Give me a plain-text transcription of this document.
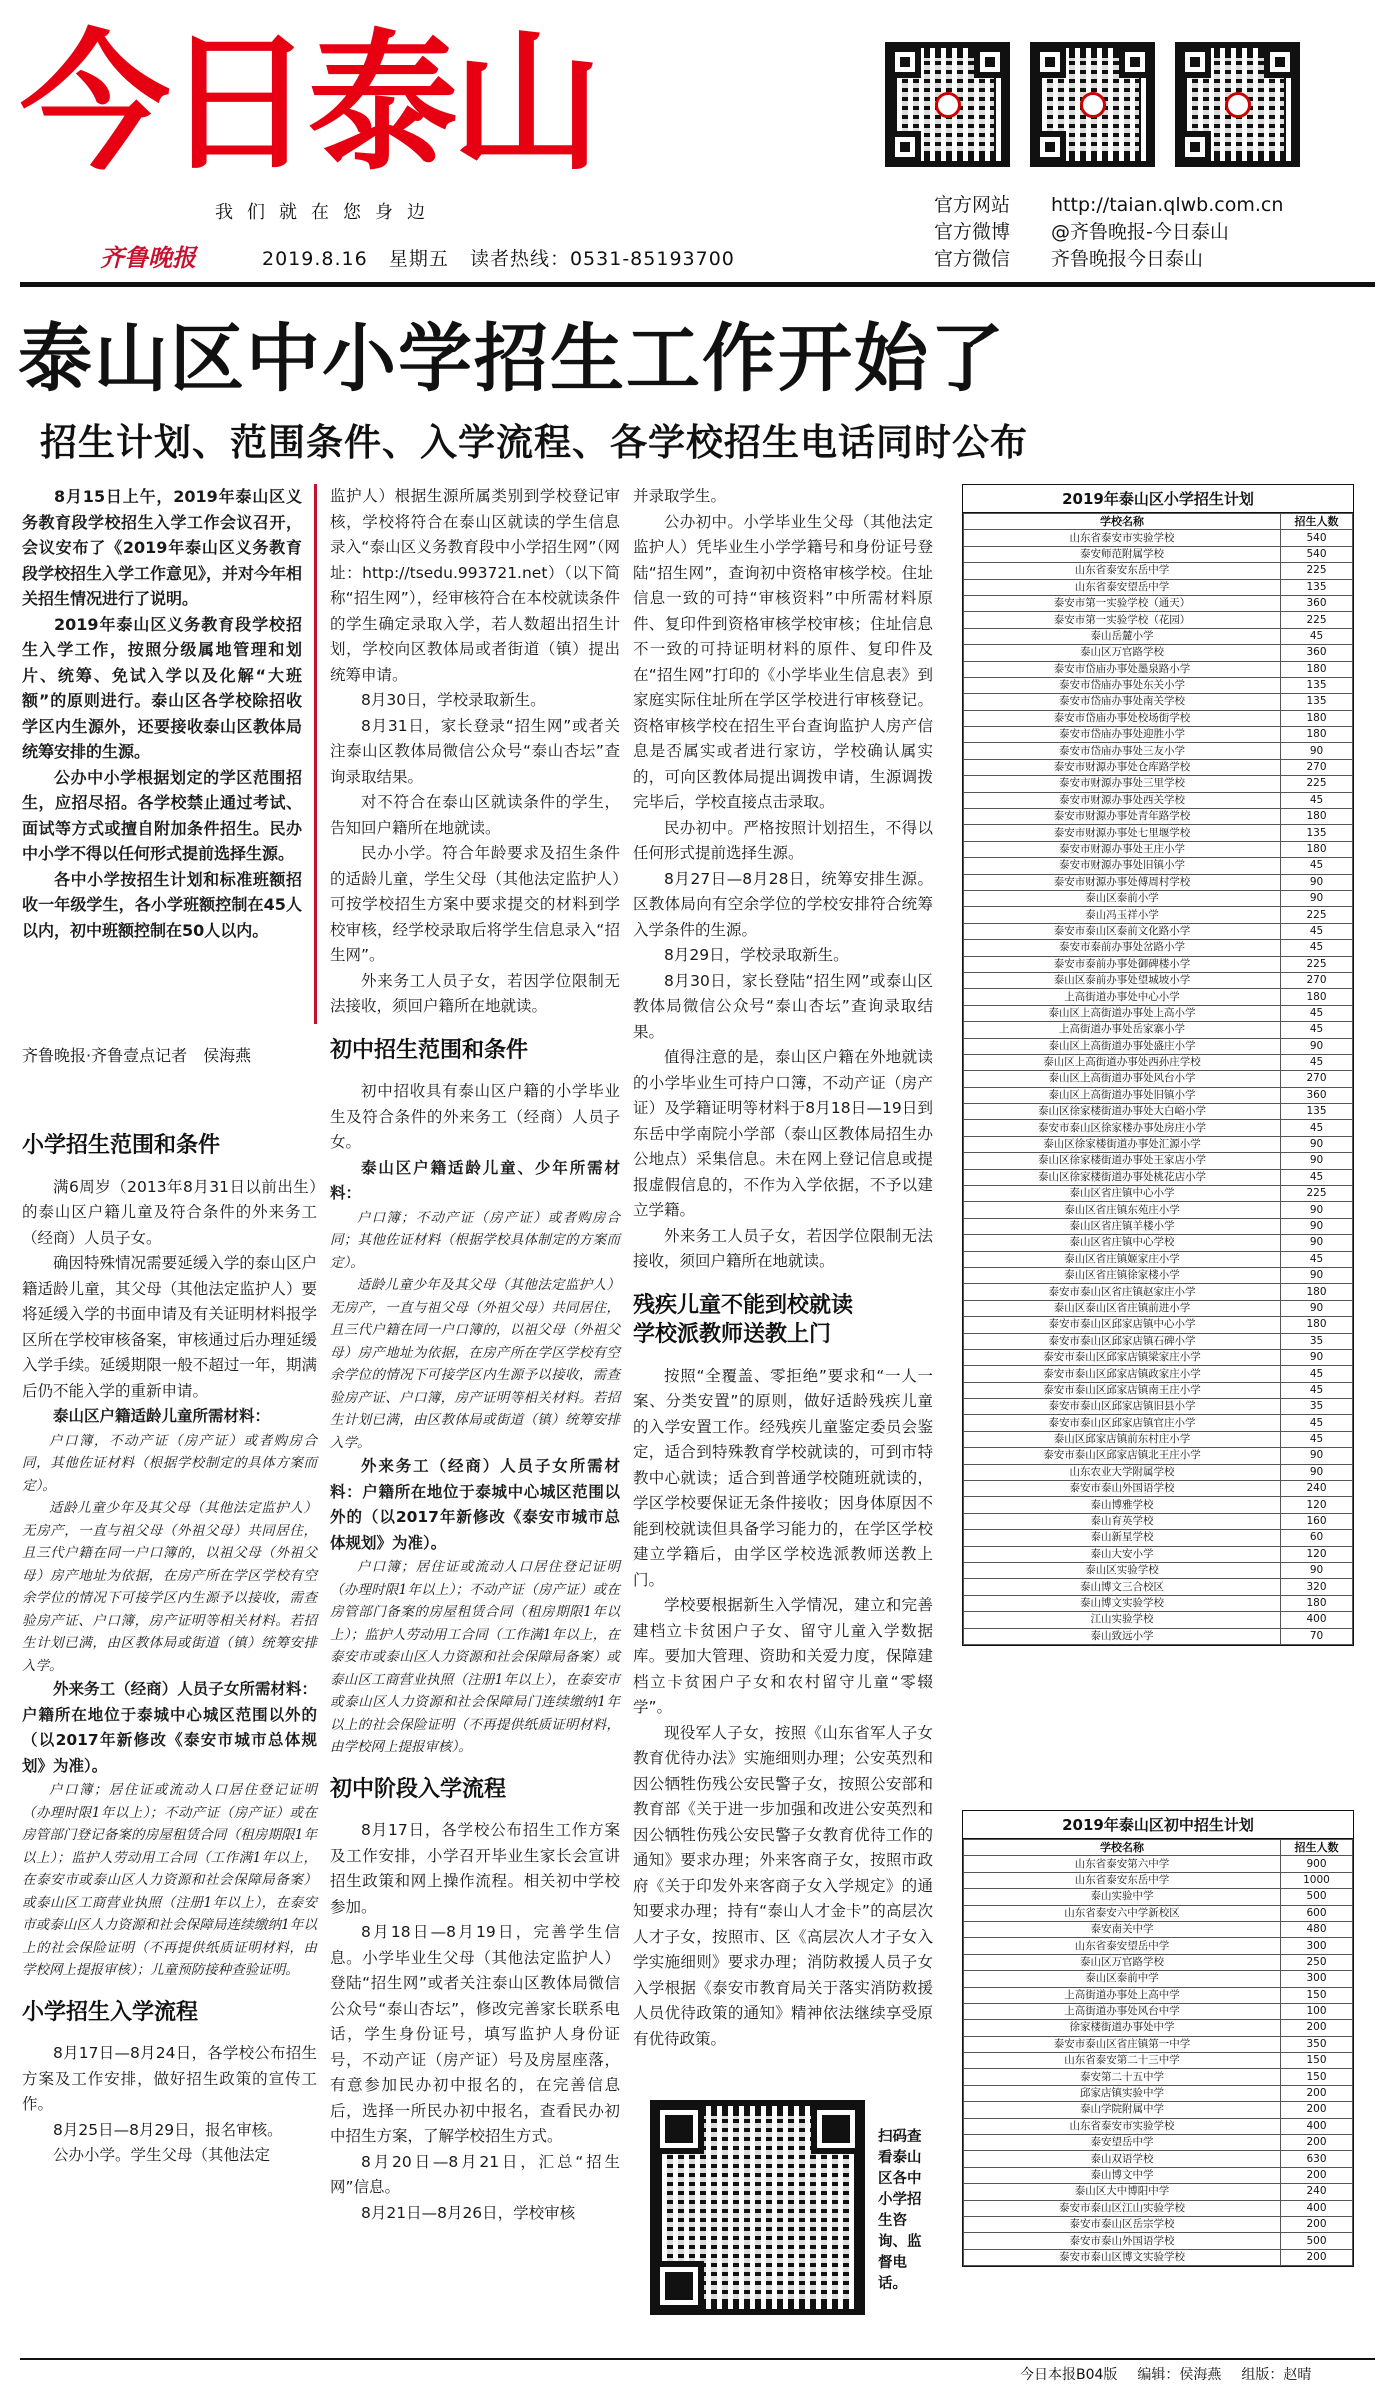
今日泰山
我们就在您身边
齐鲁晚报	2019.8.16 星期五 读者热线：0531-85193700
官方网站	http://taian.qlwb.com.cn
官方微博	@齐鲁晚报-今日泰山
官方微信	齐鲁晚报今日泰山
泰山区中小学招生工作开始了
招生计划、范围条件、入学流程、各学校招生电话同时公布

8月15日上午，2019年泰山区义务教育段学校招生入学工作会议召开，会议安布了《2019年泰山区义务教育段学校招生入学工作意见》，并对今年相关招生情况进行了说明。

2019年泰山区义务教育段学校招生入学工作，按照分级属地管理和划片、统筹、免试入学以及化解“大班额”的原则进行。泰山区各学校除招收学区内生源外，还要接收泰山区教体局统筹安排的生源。

公办中小学根据划定的学区范围招生，应招尽招。各学校禁止通过考试、面试等方式或擅自附加条件招生。民办中小学不得以任何形式提前选择生源。

各中小学按招生计划和标准班额招收一年级学生，各小学班额控制在45人以内，初中班额控制在50人以内。

齐鲁晚报·齐鲁壹点记者　侯海燕
小学招生范围和条件

满6周岁（2013年8月31日以前出生）的泰山区户籍儿童及符合条件的外来务工（经商）人员子女。

确因特殊情况需要延缓入学的泰山区户籍适龄儿童，其父母（其他法定监护人）要将延缓入学的书面申请及有关证明材料报学区所在学校审核备案，审核通过后办理延缓入学手续。延缓期限一般不超过一年，期满后仍不能入学的重新申请。

泰山区户籍适龄儿童所需材料：

户口簿，不动产证（房产证）或者购房合同，其他佐证材料（根据学校制定的具体方案而定）。

适龄儿童少年及其父母（其他法定监护人）无房产，一直与祖父母（外祖父母）共同居住，且三代户籍在同一户口簿的，以祖父母（外祖父母）房产地址为依据，在房产所在学区学校有空余学位的情况下可接学区内生源予以接收，需查验房产证、户口簿，房产证明等相关材料。若招生计划已满，由区教体局或街道（镇）统筹安排入学。

外来务工（经商）人员子女所需材料：户籍所在地位于泰城中心城区范围以外的（以2017年新修改《泰安市城市总体规划》为准）。

户口簿；居住证或流动人口居住登记证明（办理时限1年以上）；不动产证（房产证）或在房管部门登记备案的房屋租赁合同（租房期限1年以上）；监护人劳动用工合同（工作满1年以上，在泰安市或泰山区人力资源和社会保障局备案）或泰山区工商营业执照（注册1年以上），在泰安市或泰山区人力资源和社会保障局连续缴纳1年以上的社会保险证明（不再提供纸质证明材料，由学校网上提报审核）；儿童预防接种查验证明。

小学招生入学流程

8月17日—8月24日，各学校公布招生方案及工作安排，做好招生政策的宣传工作。

8月25日—8月29日，报名审核。

公办小学。学生父母（其他法定

监护人）根据生源所属类别到学校登记审核，学校将符合在泰山区就读的学生信息录入“泰山区义务教育段中小学招生网”（网址：http://tsedu.993721.net）（以下简称“招生网”），经审核符合在本校就读条件的学生确定录取入学，若人数超出招生计划，学校向区教体局或者街道（镇）提出统筹申请。

8月30日，学校录取新生。

8月31日，家长登录“招生网”或者关注泰山区教体局微信公众号“泰山杏坛”查询录取结果。

对不符合在泰山区就读条件的学生，告知回户籍所在地就读。

民办小学。符合年龄要求及招生条件的适龄儿童，学生父母（其他法定监护人）可按学校招生方案中要求提交的材料到学校审核，经学校录取后将学生信息录入“招生网”。

外来务工人员子女，若因学位限制无法接收，须回户籍所在地就读。

初中招生范围和条件

初中招收具有泰山区户籍的小学毕业生及符合条件的外来务工（经商）人员子女。

泰山区户籍适龄儿童、少年所需材料：

户口簿；不动产证（房产证）或者购房合同；其他佐证材料（根据学校具体制定的方案而定）。

适龄儿童少年及其父母（其他法定监护人）无房产，一直与祖父母（外祖父母）共同居住，且三代户籍在同一户口簿的，以祖父母（外祖父母）房产地址为依据，在房产所在学区学校有空余学位的情况下可接学区内生源予以接收，需查验房产证、户口簿，房产证明等相关材料。若招生计划已满，由区教体局或街道（镇）统筹安排入学。

外来务工（经商）人员子女所需材料：户籍所在地位于泰城中心城区范围以外的（以2017年新修改《泰安市城市总体规划》为准）。

户口簿；居住证或流动人口居住登记证明（办理时限1年以上）；不动产证（房产证）或在房管部门备案的房屋租赁合同（租房期限1年以上）；监护人劳动用工合同（工作满1年以上，在泰安市或泰山区人力资源和社会保障局备案）或泰山区工商营业执照（注册1年以上），在泰安市或泰山区人力资源和社会保障局门连续缴纳1年以上的社会保险证明（不再提供纸质证明材料，由学校网上提报审核）。

初中阶段入学流程

8月17日，各学校公布招生工作方案及工作安排，小学召开毕业生家长会宣讲招生政策和网上操作流程。相关初中学校参加。

8月18日—8月19日，完善学生信息。小学毕业生父母（其他法定监护人）登陆“招生网”或者关注泰山区教体局微信公众号“泰山杏坛”，修改完善家长联系电话，学生身份证号，填写监护人身份证号，不动产证（房产证）号及房屋座落，有意参加民办初中报名的，在完善信息后，选择一所民办初中报名，查看民办初中招生方案，了解学校招生方式。

8月20日—8月21日，汇总“招生网”信息。

8月21日—8月26日，学校审核

并录取学生。

公办初中。小学毕业生父母（其他法定监护人）凭毕业生小学学籍号和身份证号登陆“招生网”，查询初中资格审核学校。住址信息一致的可持“审核资料”中所需材料原件、复印件到资格审核学校审核；住址信息不一致的可持证明材料的原件、复印件及在“招生网”打印的《小学毕业生信息表》到家庭实际住址所在学区学校进行审核登记。资格审核学校在招生平台查询监护人房产信息是否属实或者进行家访，学校确认属实的，可向区教体局提出调拨申请，生源调拨完毕后，学校直接点击录取。

民办初中。严格按照计划招生，不得以任何形式提前选择生源。

8月27日—8月28日，统筹安排生源。区教体局向有空余学位的学校安排符合统筹入学条件的生源。

8月29日，学校录取新生。

8月30日，家长登陆“招生网”或泰山区教体局微信公众号“泰山杏坛”查询录取结果。

值得注意的是，泰山区户籍在外地就读的小学毕业生可持户口簿，不动产证（房产证）及学籍证明等材料于8月18日—19日到东岳中学南院小学部（泰山区教体局招生办公地点）采集信息。未在网上登记信息或提报虚假信息的，不作为入学依据，不予以建立学籍。

外来务工人员子女，若因学位限制无法接收，须回户籍所在地就读。

残疾儿童不能到校就读
学校派教师送教上门

按照“全覆盖、零拒绝”要求和“一人一案、分类安置”的原则，做好适龄残疾儿童的入学安置工作。经残疾儿童鉴定委员会鉴定，适合到特殊教育学校就读的，可到市特教中心就读；适合到普通学校随班就读的，学区学校要保证无条件接收；因身体原因不能到校就读但具备学习能力的，在学区学校建立学籍后，由学区学校选派教师送教上门。

学校要根据新生入学情况，建立和完善建档立卡贫困户子女、留守儿童入学数据库。要加大管理、资助和关爱力度，保障建档立卡贫困户子女和农村留守儿童“零辍学”。

现役军人子女，按照《山东省军人子女教育优待办法》实施细则办理；公安英烈和因公牺牲伤残公安民警子女，按照公安部和教育部《关于进一步加强和改进公安英烈和因公牺牲伤残公安民警子女教育优待工作的通知》要求办理；外来客商子女，按照市政府《关于印发外来客商子女入学规定》的通知要求办理；持有“泰山人才金卡”的高层次人才子女，按照市、区《高层次人才子女入学实施细则》要求办理；消防救援人员子女入学根据《泰安市教育局关于落实消防救援人员优待政策的通知》精神依法继续享受原有优待政策。

扫码查看泰山区各中小学招生咨询、监督电话。
2019年泰山区小学招生计划
学校名称	招生人数
山东省泰安市实验学校	540
泰安师范附属学校	540
山东省泰安东岳中学	225
山东省泰安望岳中学	135
泰安市第一实验学校（通天）	360
泰安市第一实验学校（花园）	225
泰山岳麓小学	45
泰山区万官路学校	360
泰安市岱庙办事处墨泉路小学	180
泰安市岱庙办事处东关小学	135
泰安市岱庙办事处南关学校	135
泰安市岱庙办事处校场街学校	180
泰安市岱庙办事处迎胜小学	180
泰安市岱庙办事处三友小学	90
泰安市财源办事处仓库路学校	270
泰安市财源办事处三里学校	225
泰安市财源办事处西关学校	45
泰安市财源办事处青年路学校	180
泰安市财源办事处七里堰学校	135
泰安市财源办事处王庄小学	180
泰安市财源办事处旧镇小学	45
泰安市财源办事处傅周村学校	90
泰山区泰前小学	90
泰山冯玉祥小学	225
泰安市泰山区泰前文化路小学	45
泰安市泰前办事处岔路小学	45
泰安市泰前办事处御碑楼小学	225
泰山区泰前办事处望城坡小学	270
上高街道办事处中心小学	180
泰山区上高街道办事处上高小学	45
上高街道办事处岳家寨小学	45
泰山区上高街道办事处盛庄小学	90
泰山区上高街道办事处西孙庄学校	45
泰山区上高街道办事处风台小学	270
泰山区上高街道办事处旧镇小学	360
泰山区徐家楼街道办事处大白峪小学	135
泰安市泰山区徐家楼办事处房庄小学	45
泰山区徐家楼街道办事处汇源小学	90
泰山区徐家楼街道办事处王家店小学	90
泰山区徐家楼街道办事处桃花店小学	45
泰山区省庄镇中心小学	225
泰山区省庄镇东苑庄小学	90
泰山区省庄镇羊楼小学	90
泰山区省庄镇中心学校	90
泰山区省庄镇姬家庄小学	45
泰山区省庄镇徐家楼小学	90
泰安市泰山区省庄镇赵家庄小学	180
泰山区泰山区省庄镇前进小学	90
泰安市泰山区邱家店镇中心小学	180
泰安市泰山区邱家店镇石碑小学	35
泰安市泰山区邱家店镇梁家庄小学	90
泰安市泰山区邱家店镇政家庄小学	45
泰安市泰山区邱家店镇南王庄小学	45
泰安市泰山区邱家店镇旧县小学	35
泰安市泰山区邱家店镇官庄小学	45
泰山区邱家店镇前东村庄小学	45
泰安市泰山区邱家店镇北王庄小学	90
山东农业大学附属学校	90
泰安市泰山外国语学校	240
泰山博雅学校	120
泰山育英学校	160
泰山新星学校	60
泰山大安小学	120
泰山区实验学校	90
泰山博文三合校区	320
泰山博文实验学校	180
江山实验学校	400
泰山致远小学	70
2019年泰山区初中招生计划
学校名称	招生人数
山东省泰安第六中学	900
山东省泰安东岳中学	1000
泰山实验中学	500
山东省泰安六中学新校区	600
泰安南关中学	480
山东省泰安望岳中学	300
泰山区万官路学校	250
泰山区泰前中学	300
上高街道办事处上高中学	150
上高街道办事处风台中学	100
徐家楼街道办事处中学	200
泰安市泰山区省庄镇第一中学	350
山东省泰安第二十三中学	150
泰安第二十五中学	150
邱家店镇实验中学	200
泰山学院附属中学	200
山东省泰安市实验学校	400
泰安望岳中学	200
泰山双语学校	630
泰山博文中学	200
泰山区大中博阳中学	240
泰安市泰山区江山实验学校	400
泰安市泰山区岳宗学校	200
泰安市泰山外国语学校	500
泰安市泰山区博文实验学校	200
今日本报B04版 编辑：侯海燕 组版：赵晴
